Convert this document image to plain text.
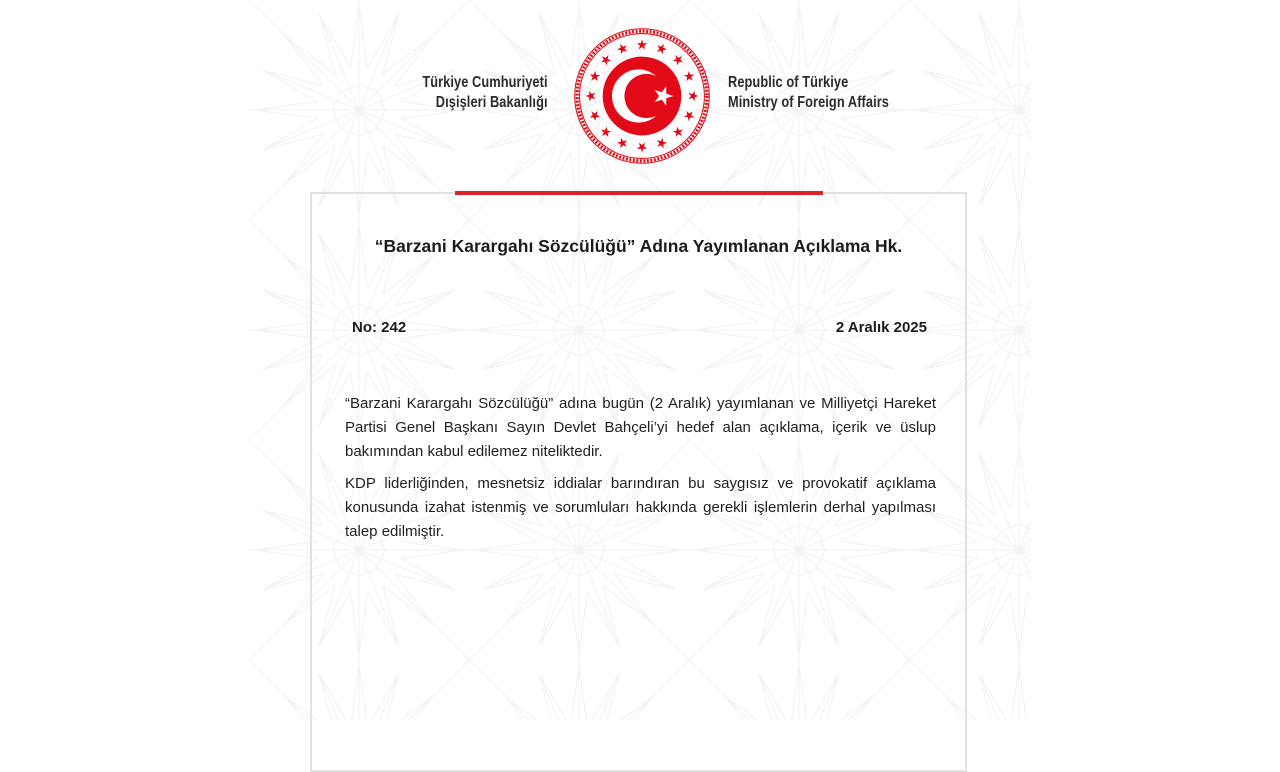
Türkiye Cumhuriyeti
Dışişleri Bakanlığı
Republic of Türkiye
Ministry of Foreign Affairs
“Barzani Karargahı Sözcülüğü” Adına Yayımlanan Açıklama Hk.
No: 242	2 Aralık 2025

“Barzani Karargahı Sözcülüğü” adına bugün (2 Aralık) yayımlanan ve Milliyetçi Hareket Partisi Genel Başkanı Sayın Devlet Bahçeli’yi hedef alan açıklama, içerik ve üslup bakımından kabul edilemez niteliktedir.

KDP liderliğinden, mesnetsiz iddialar barındıran bu saygısız ve provokatif açıklama konusunda izahat istenmiş ve sorumluları hakkında gerekli işlemlerin derhal yapılması talep edilmiştir.
